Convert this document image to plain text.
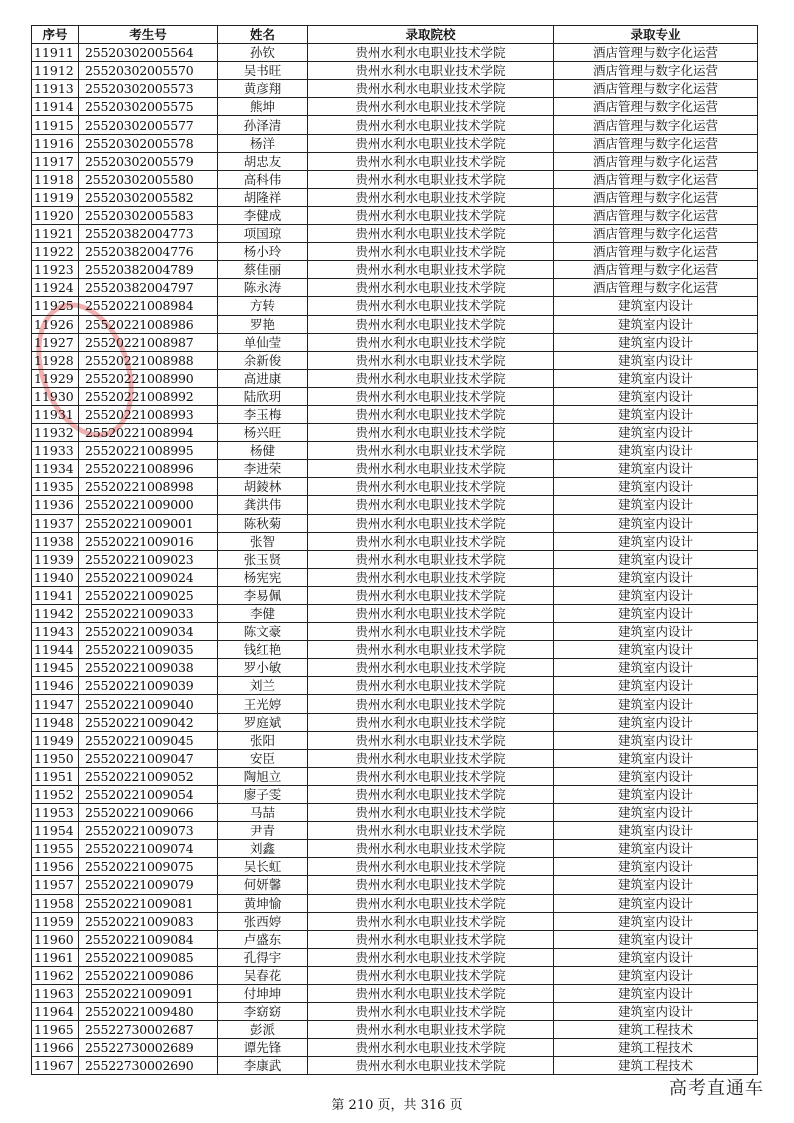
序号	考生号	姓名	录取院校	录取专业
11911	25520302005564	孙钦	贵州水利水电职业技术学院	酒店管理与数字化运营
11912	25520302005570	吴书旺	贵州水利水电职业技术学院	酒店管理与数字化运营
11913	25520302005573	黄彦翔	贵州水利水电职业技术学院	酒店管理与数字化运营
11914	25520302005575	熊坤	贵州水利水电职业技术学院	酒店管理与数字化运营
11915	25520302005577	孙泽清	贵州水利水电职业技术学院	酒店管理与数字化运营
11916	25520302005578	杨洋	贵州水利水电职业技术学院	酒店管理与数字化运营
11917	25520302005579	胡忠友	贵州水利水电职业技术学院	酒店管理与数字化运营
11918	25520302005580	高科伟	贵州水利水电职业技术学院	酒店管理与数字化运营
11919	25520302005582	胡隆祥	贵州水利水电职业技术学院	酒店管理与数字化运营
11920	25520302005583	李健成	贵州水利水电职业技术学院	酒店管理与数字化运营
11921	25520382004773	项国琼	贵州水利水电职业技术学院	酒店管理与数字化运营
11922	25520382004776	杨小玲	贵州水利水电职业技术学院	酒店管理与数字化运营
11923	25520382004789	蔡佳丽	贵州水利水电职业技术学院	酒店管理与数字化运营
11924	25520382004797	陈永涛	贵州水利水电职业技术学院	酒店管理与数字化运营
11925	25520221008984	方转	贵州水利水电职业技术学院	建筑室内设计
11926	25520221008986	罗艳	贵州水利水电职业技术学院	建筑室内设计
11927	25520221008987	单仙莹	贵州水利水电职业技术学院	建筑室内设计
11928	25520221008988	余新俊	贵州水利水电职业技术学院	建筑室内设计
11929	25520221008990	高进康	贵州水利水电职业技术学院	建筑室内设计
11930	25520221008992	陆欣玥	贵州水利水电职业技术学院	建筑室内设计
11931	25520221008993	李玉梅	贵州水利水电职业技术学院	建筑室内设计
11932	25520221008994	杨兴旺	贵州水利水电职业技术学院	建筑室内设计
11933	25520221008995	杨健	贵州水利水电职业技术学院	建筑室内设计
11934	25520221008996	李进荣	贵州水利水电职业技术学院	建筑室内设计
11935	25520221008998	胡錂林	贵州水利水电职业技术学院	建筑室内设计
11936	25520221009000	龚洪伟	贵州水利水电职业技术学院	建筑室内设计
11937	25520221009001	陈秋菊	贵州水利水电职业技术学院	建筑室内设计
11938	25520221009016	张智	贵州水利水电职业技术学院	建筑室内设计
11939	25520221009023	张玉贤	贵州水利水电职业技术学院	建筑室内设计
11940	25520221009024	杨宪宪	贵州水利水电职业技术学院	建筑室内设计
11941	25520221009025	李易佩	贵州水利水电职业技术学院	建筑室内设计
11942	25520221009033	李健	贵州水利水电职业技术学院	建筑室内设计
11943	25520221009034	陈文豪	贵州水利水电职业技术学院	建筑室内设计
11944	25520221009035	钱红艳	贵州水利水电职业技术学院	建筑室内设计
11945	25520221009038	罗小敏	贵州水利水电职业技术学院	建筑室内设计
11946	25520221009039	刘兰	贵州水利水电职业技术学院	建筑室内设计
11947	25520221009040	王光婷	贵州水利水电职业技术学院	建筑室内设计
11948	25520221009042	罗庭斌	贵州水利水电职业技术学院	建筑室内设计
11949	25520221009045	张阳	贵州水利水电职业技术学院	建筑室内设计
11950	25520221009047	安臣	贵州水利水电职业技术学院	建筑室内设计
11951	25520221009052	陶旭立	贵州水利水电职业技术学院	建筑室内设计
11952	25520221009054	廖子雯	贵州水利水电职业技术学院	建筑室内设计
11953	25520221009066	马喆	贵州水利水电职业技术学院	建筑室内设计
11954	25520221009073	尹青	贵州水利水电职业技术学院	建筑室内设计
11955	25520221009074	刘鑫	贵州水利水电职业技术学院	建筑室内设计
11956	25520221009075	吴长虹	贵州水利水电职业技术学院	建筑室内设计
11957	25520221009079	何妍馨	贵州水利水电职业技术学院	建筑室内设计
11958	25520221009081	黄坤愉	贵州水利水电职业技术学院	建筑室内设计
11959	25520221009083	张西婷	贵州水利水电职业技术学院	建筑室内设计
11960	25520221009084	卢盛东	贵州水利水电职业技术学院	建筑室内设计
11961	25520221009085	孔得宇	贵州水利水电职业技术学院	建筑室内设计
11962	25520221009086	吴春花	贵州水利水电职业技术学院	建筑室内设计
11963	25520221009091	付坤坤	贵州水利水电职业技术学院	建筑室内设计
11964	25520221009480	李窈窈	贵州水利水电职业技术学院	建筑室内设计
11965	25522730002687	彭派	贵州水利水电职业技术学院	建筑工程技术
11966	25522730002689	谭先锋	贵州水利水电职业技术学院	建筑工程技术
11967	25522730002690	李康武	贵州水利水电职业技术学院	建筑工程技术
第 210 页，共 316 页
高考直通车
